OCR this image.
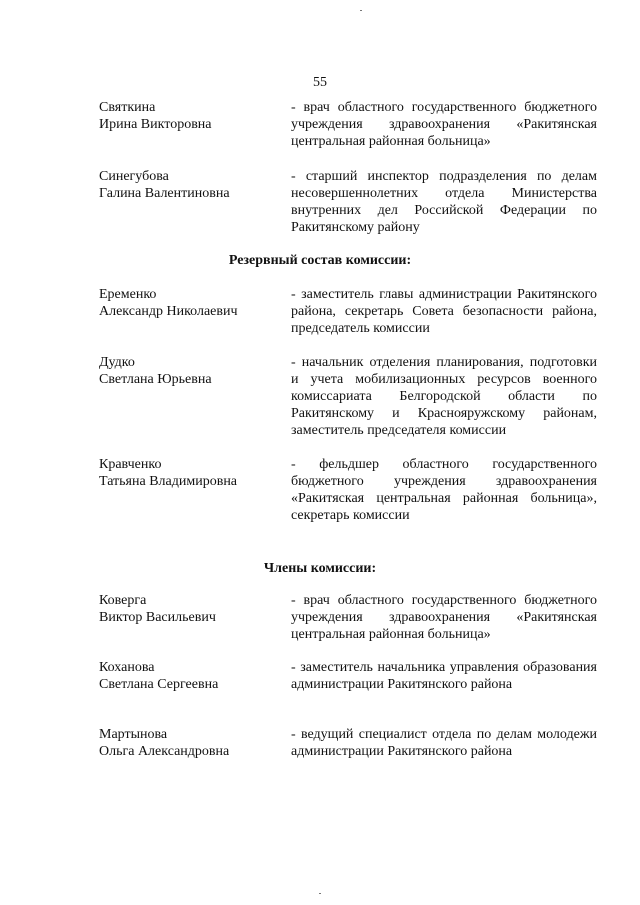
55
Святкина
Ирина Викторовна
- врач областного государственного бюджетного учреждения здравоохранения «Ракитянская центральная районная больница»
Синегубова
Галина Валентиновна
- старший инспектор подразделения по делам несовершеннолетних отдела Министерства внутренних дел Российской Федерации по Ракитянскому району
Резервный состав комиссии:
Еременко
Александр Николаевич
- заместитель главы администрации Ракитянского района, секретарь Совета безопасности района, председатель комиссии
Дудко
Светлана Юрьевна
- начальник отделения планирования, подготовки и учета мобилизационных ресурсов военного комиссариата Белгородской области по Ракитянскому и Краснояружскому районам, заместитель председателя комиссии
Кравченко
Татьяна Владимировна
- фельдшер областного государственного бюджетного учреждения здравоохранения «Ракитяская центральная районная больница», секретарь комиссии
Члены комиссии:
Коверга
Виктор Васильевич
- врач областного государственного бюджетного учреждения здравоохранения «Ракитянская центральная районная больница»
Коханова
Светлана Сергеевна
- заместитель начальника управления образования администрации Ракитянского района
Мартынова
Ольга Александровна
- ведущий специалист отдела по делам молодежи администрации Ракитянского района
